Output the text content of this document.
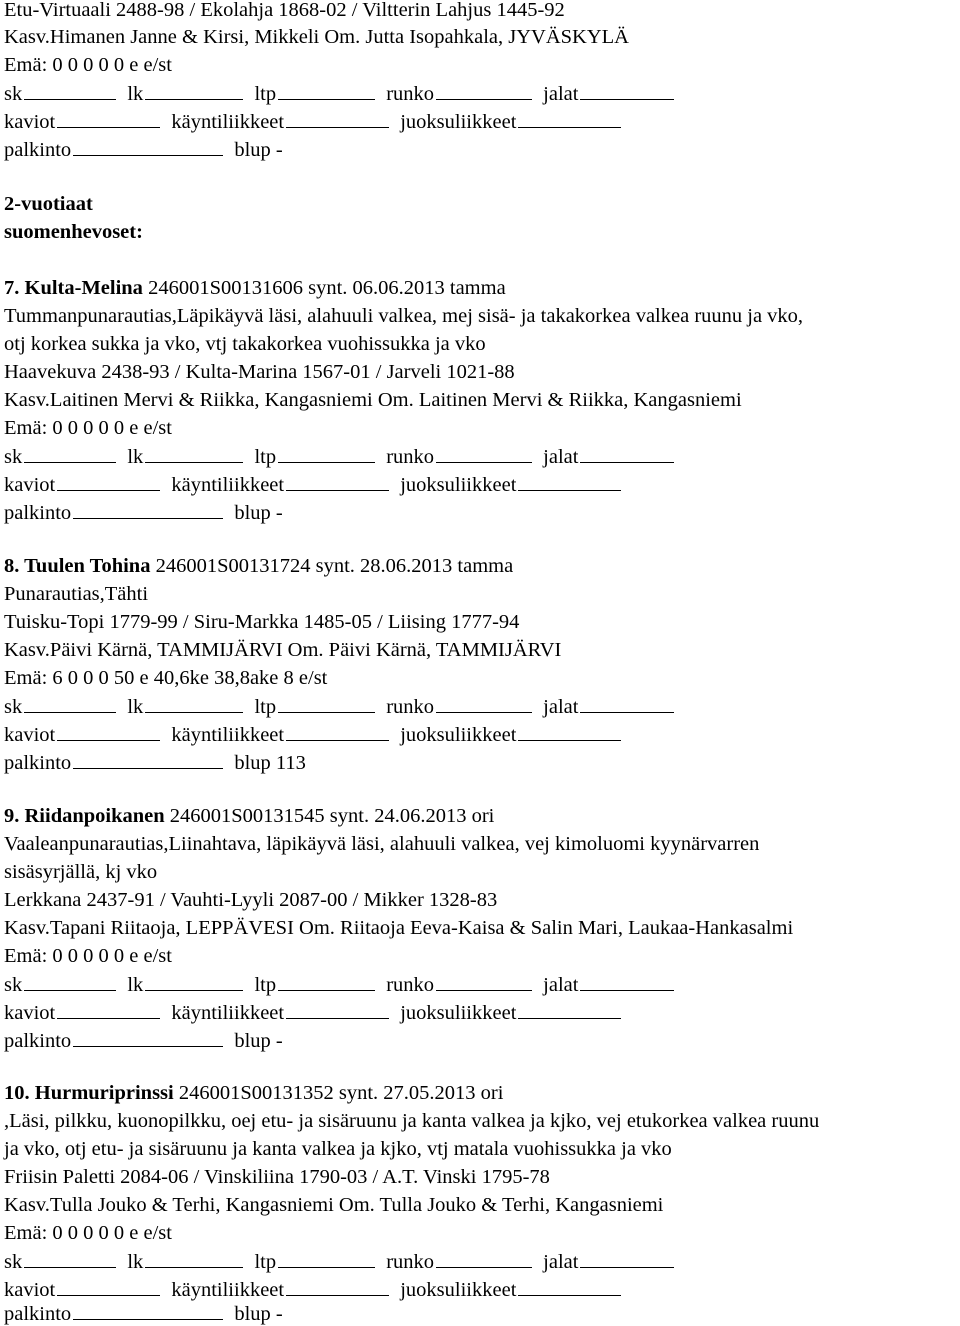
Etu-Virtuaali 2488-98 / Ekolahja 1868-02 / Viltterin Lahjus 1445-92
Kasv.Himanen Janne & Kirsi, Mikkeli Om. Jutta Isopahkala, JYVÄSKYLÄ
Emä: 0 0 0 0 0 e e/st
sk	lk	ltp	runko	jalat
kaviot	käyntiliikkeet	juoksuliikkeet
palkinto	blup -
2-vuotiaat
suomenhevoset:
7. Kulta-Melina 246001S00131606 synt. 06.06.2013 tamma
Tummanpunarautias,Läpikäyvä läsi, alahuuli valkea, mej sisä- ja takakorkea valkea ruunu ja vko,
otj korkea sukka ja vko, vtj takakorkea vuohissukka ja vko
Haavekuva 2438-93 / Kulta-Marina 1567-01 / Jarveli 1021-88
Kasv.Laitinen Mervi & Riikka, Kangasniemi Om. Laitinen Mervi & Riikka, Kangasniemi
Emä: 0 0 0 0 0 e e/st
sk	lk	ltp	runko	jalat
kaviot	käyntiliikkeet	juoksuliikkeet
palkinto	blup -
8. Tuulen Tohina 246001S00131724 synt. 28.06.2013 tamma
Punarautias,Tähti
Tuisku-Topi 1779-99 / Siru-Markka 1485-05 / Liising 1777-94
Kasv.Päivi Kärnä, TAMMIJÄRVI Om. Päivi Kärnä, TAMMIJÄRVI
Emä: 6 0 0 0 50 e 40,6ke 38,8ake 8 e/st
sk	lk	ltp	runko	jalat
kaviot	käyntiliikkeet	juoksuliikkeet
palkinto	blup 113
9. Riidanpoikanen 246001S00131545 synt. 24.06.2013 ori
Vaaleanpunarautias,Liinahtava, läpikäyvä läsi, alahuuli valkea, vej kimoluomi kyynärvarren
sisäsyrjällä, kj vko
Lerkkana 2437-91 / Vauhti-Lyyli 2087-00 / Mikker 1328-83
Kasv.Tapani Riitaoja, LEPPÄVESI Om. Riitaoja Eeva-Kaisa & Salin Mari, Laukaa-Hankasalmi
Emä: 0 0 0 0 0 e e/st
sk	lk	ltp	runko	jalat
kaviot	käyntiliikkeet	juoksuliikkeet
palkinto	blup -
10. Hurmuriprinssi 246001S00131352 synt. 27.05.2013 ori
,Läsi, pilkku, kuonopilkku, oej etu- ja sisäruunu ja kanta valkea ja kjko, vej etukorkea valkea ruunu
ja vko, otj etu- ja sisäruunu ja kanta valkea ja kjko, vtj matala vuohissukka ja vko
Friisin Paletti 2084-06 / Vinskiliina 1790-03 / A.T. Vinski 1795-78
Kasv.Tulla Jouko & Terhi, Kangasniemi Om. Tulla Jouko & Terhi, Kangasniemi
Emä: 0 0 0 0 0 e e/st
sk	lk	ltp	runko	jalat
kaviot	käyntiliikkeet	juoksuliikkeet
palkinto	blup -
